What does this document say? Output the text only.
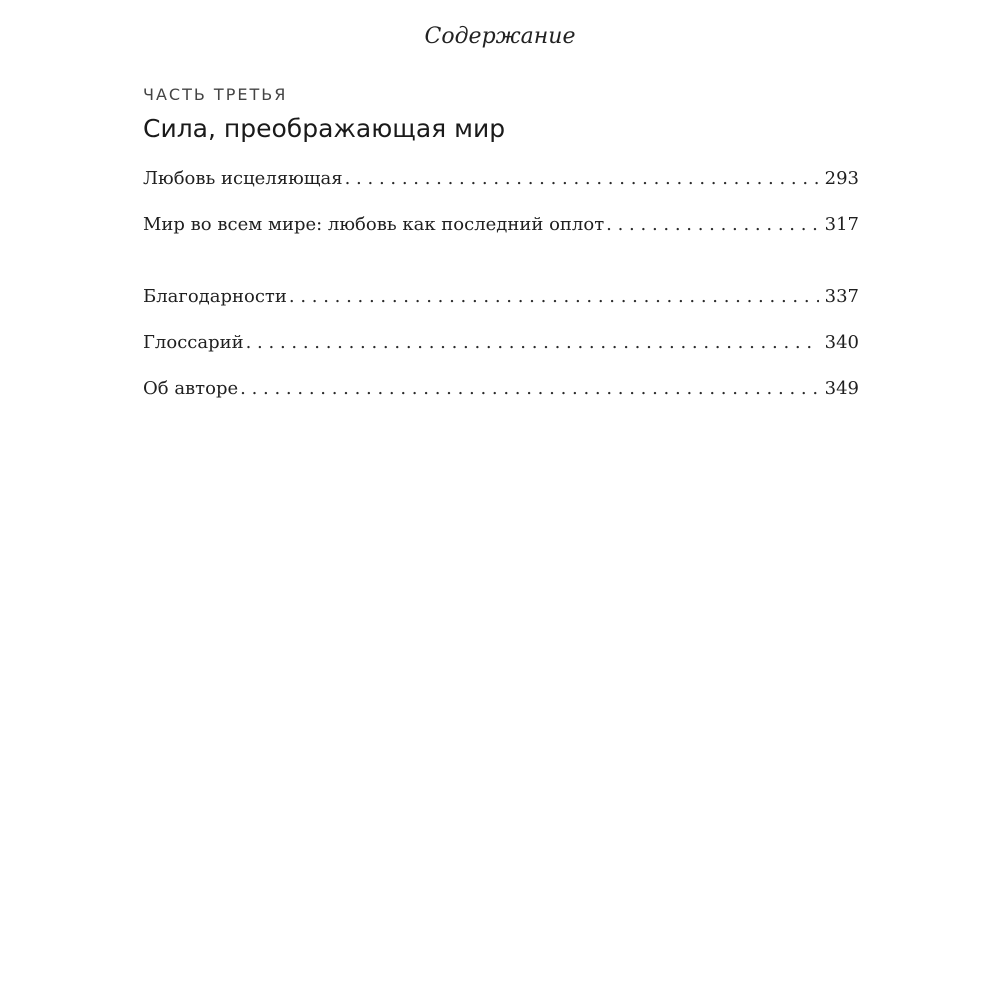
Содержание
ЧАСТЬ ТРЕТЬЯ
Сила, преображающая мир
Любовь исцеляющая . . .	293
Мир во всем мире: любовь как последний оплот . . .	317
Благодарности . . .	337
Глоссарий . . .	340
Об авторе . . .	349
